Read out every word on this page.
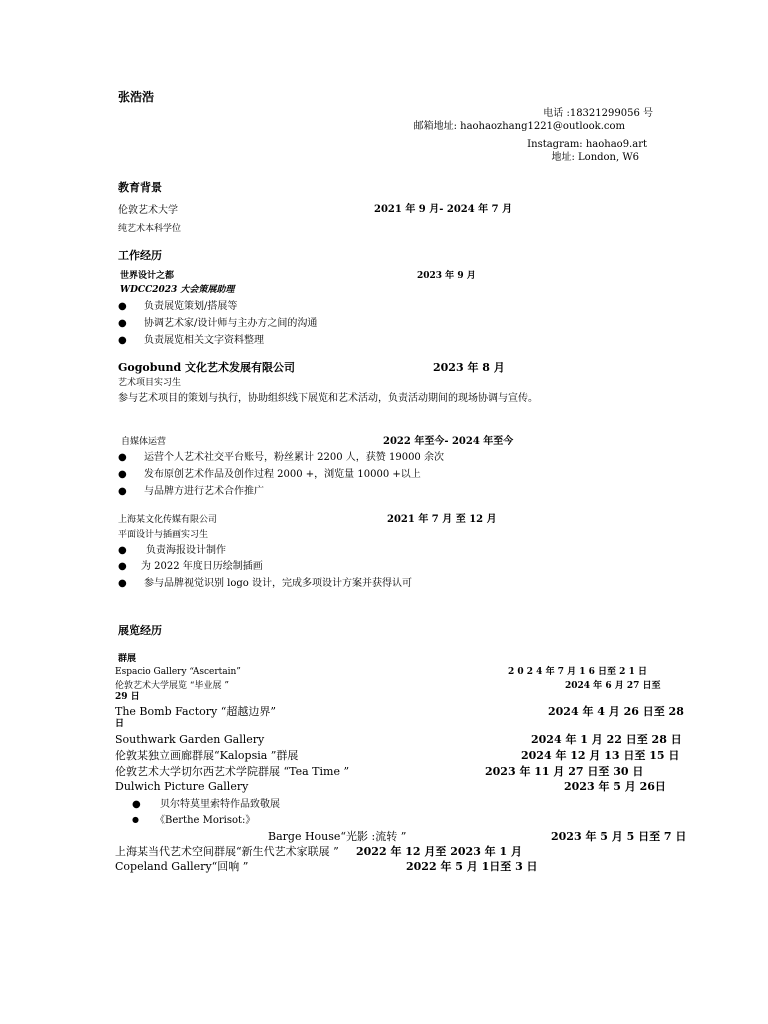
张浩浩
电话 :18321299056 号
邮箱地址: haohaozhang1221@outlook.com
Instagram: haohao9.art
地址: London, W6
教育背景
伦敦艺术大学	2021 年 9 月- 2024 年 7 月
纯艺术本科学位
工作经历
世界设计之都	2023 年 9 月
WDCC2023 大会策展助理
● 负责展览策划/搭展等
● 协调艺术家/设计师与主办方之间的沟通
● 负责展览相关文字资料整理
Gogobund 文化艺术发展有限公司	2023 年 8 月
艺术项目实习生
参与艺术项目的策划与执行，协助组织线下展览和艺术活动，负责活动期间的现场协调与宣传。
自媒体运营	2022 年至今- 2024 年至今
● 运营个人艺术社交平台账号，粉丝累计 2200 人，获赞 19000 余次
● 发布原创艺术作品及创作过程 2000 +，浏览量 10000 +以上
● 与品牌方进行艺术合作推广
上海某文化传媒有限公司	2021 年 7 月 至 12 月
平面设计与插画实习生
● 负责海报设计制作
● 为 2022 年度日历绘制插画
● 参与品牌视觉识别 logo 设计，完成多项设计方案并获得认可
展览经历
群展
Espacio Gallery “Ascertain”	2 0 2 4 年 7 月 1 6 日至 2 1 日
伦敦艺术大学展览 “毕业展 ”	2024 年 6 月 27 日至
29 日
The Bomb Factory “超越边界”	2024 年 4 月 26 日至 28
日
Southwark Garden Gallery	2024 年 1 月 22 日至 28 日
伦敦某独立画廊群展“Kalopsia ”群展	2024 年 12 月 13 日至 15 日
伦敦艺术大学切尔西艺术学院群展 “Tea Time ”	2023 年 11 月 27 日至 30 日
Dulwich Picture Gallery	2023 年 5 月 26日
● 贝尔特莫里索特作品致敬展
● 《Berthe Morisot:》
Barge House“光影 :流转 ”	2023 年 5 月 5 日至 7 日
上海某当代艺术空间群展“新生代艺术家联展 ” 2022 年 12 月至 2023 年 1 月
Copeland Gallery“回响 ”	2022 年 5 月 1日至 3 日
